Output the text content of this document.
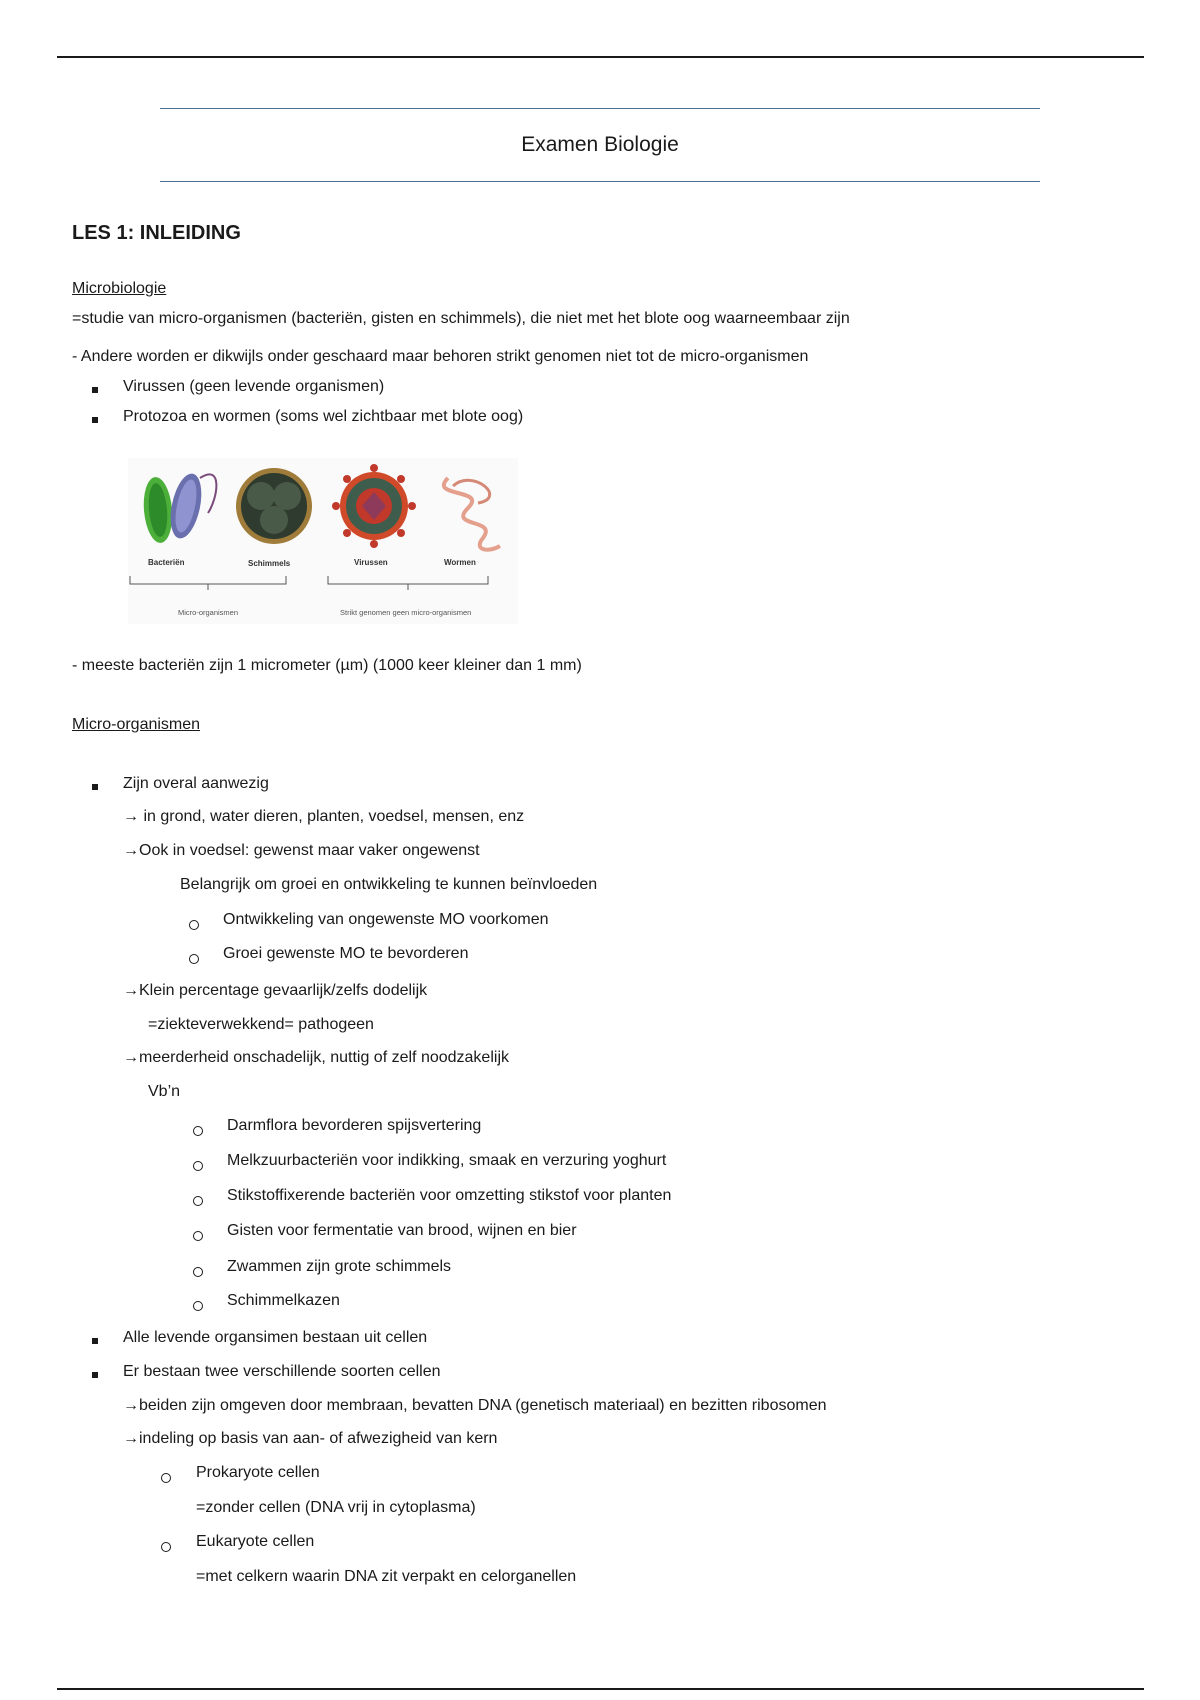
Examen Biologie
LES 1: INLEIDING
Microbiologie
=studie van micro-organismen (bacteriën, gisten en schimmels), die niet met het blote oog waarneembaar zijn
- Andere worden er dikwijls onder geschaard maar behoren strikt genomen niet tot de micro-organismen
Virussen (geen levende organismen)
Protozoa en wormen (soms wel zichtbaar met blote oog)
Bacteriën	Schimmels	Virussen	Wormen
Micro-organismen	Strikt genomen geen micro-organismen
- meeste bacteriën zijn 1 micrometer (µm) (1000 keer kleiner dan 1 mm)
Micro-organismen
Zijn overal aanwezig
→ in grond, water dieren, planten, voedsel, mensen, enz
→Ook in voedsel: gewenst maar vaker ongewenst
Belangrijk om groei en ontwikkeling te kunnen beïnvloeden
Ontwikkeling van ongewenste MO voorkomen
Groei gewenste MO te bevorderen
→Klein percentage gevaarlijk/zelfs dodelijk
=ziekteverwekkend= pathogeen
→meerderheid onschadelijk, nuttig of zelf noodzakelijk
Vb’n
Darmflora bevorderen spijsvertering
Melkzuurbacteriën voor indikking, smaak en verzuring yoghurt
Stikstoffixerende bacteriën voor omzetting stikstof voor planten
Gisten voor fermentatie van brood, wijnen en bier
Zwammen zijn grote schimmels
Schimmelkazen
Alle levende organsimen bestaan uit cellen
Er bestaan twee verschillende soorten cellen
→beiden zijn omgeven door membraan, bevatten DNA (genetisch materiaal) en bezitten ribosomen
→indeling op basis van aan- of afwezigheid van kern
Prokaryote cellen
=zonder cellen (DNA vrij in cytoplasma)
Eukaryote cellen
=met celkern waarin DNA zit verpakt en celorganellen
